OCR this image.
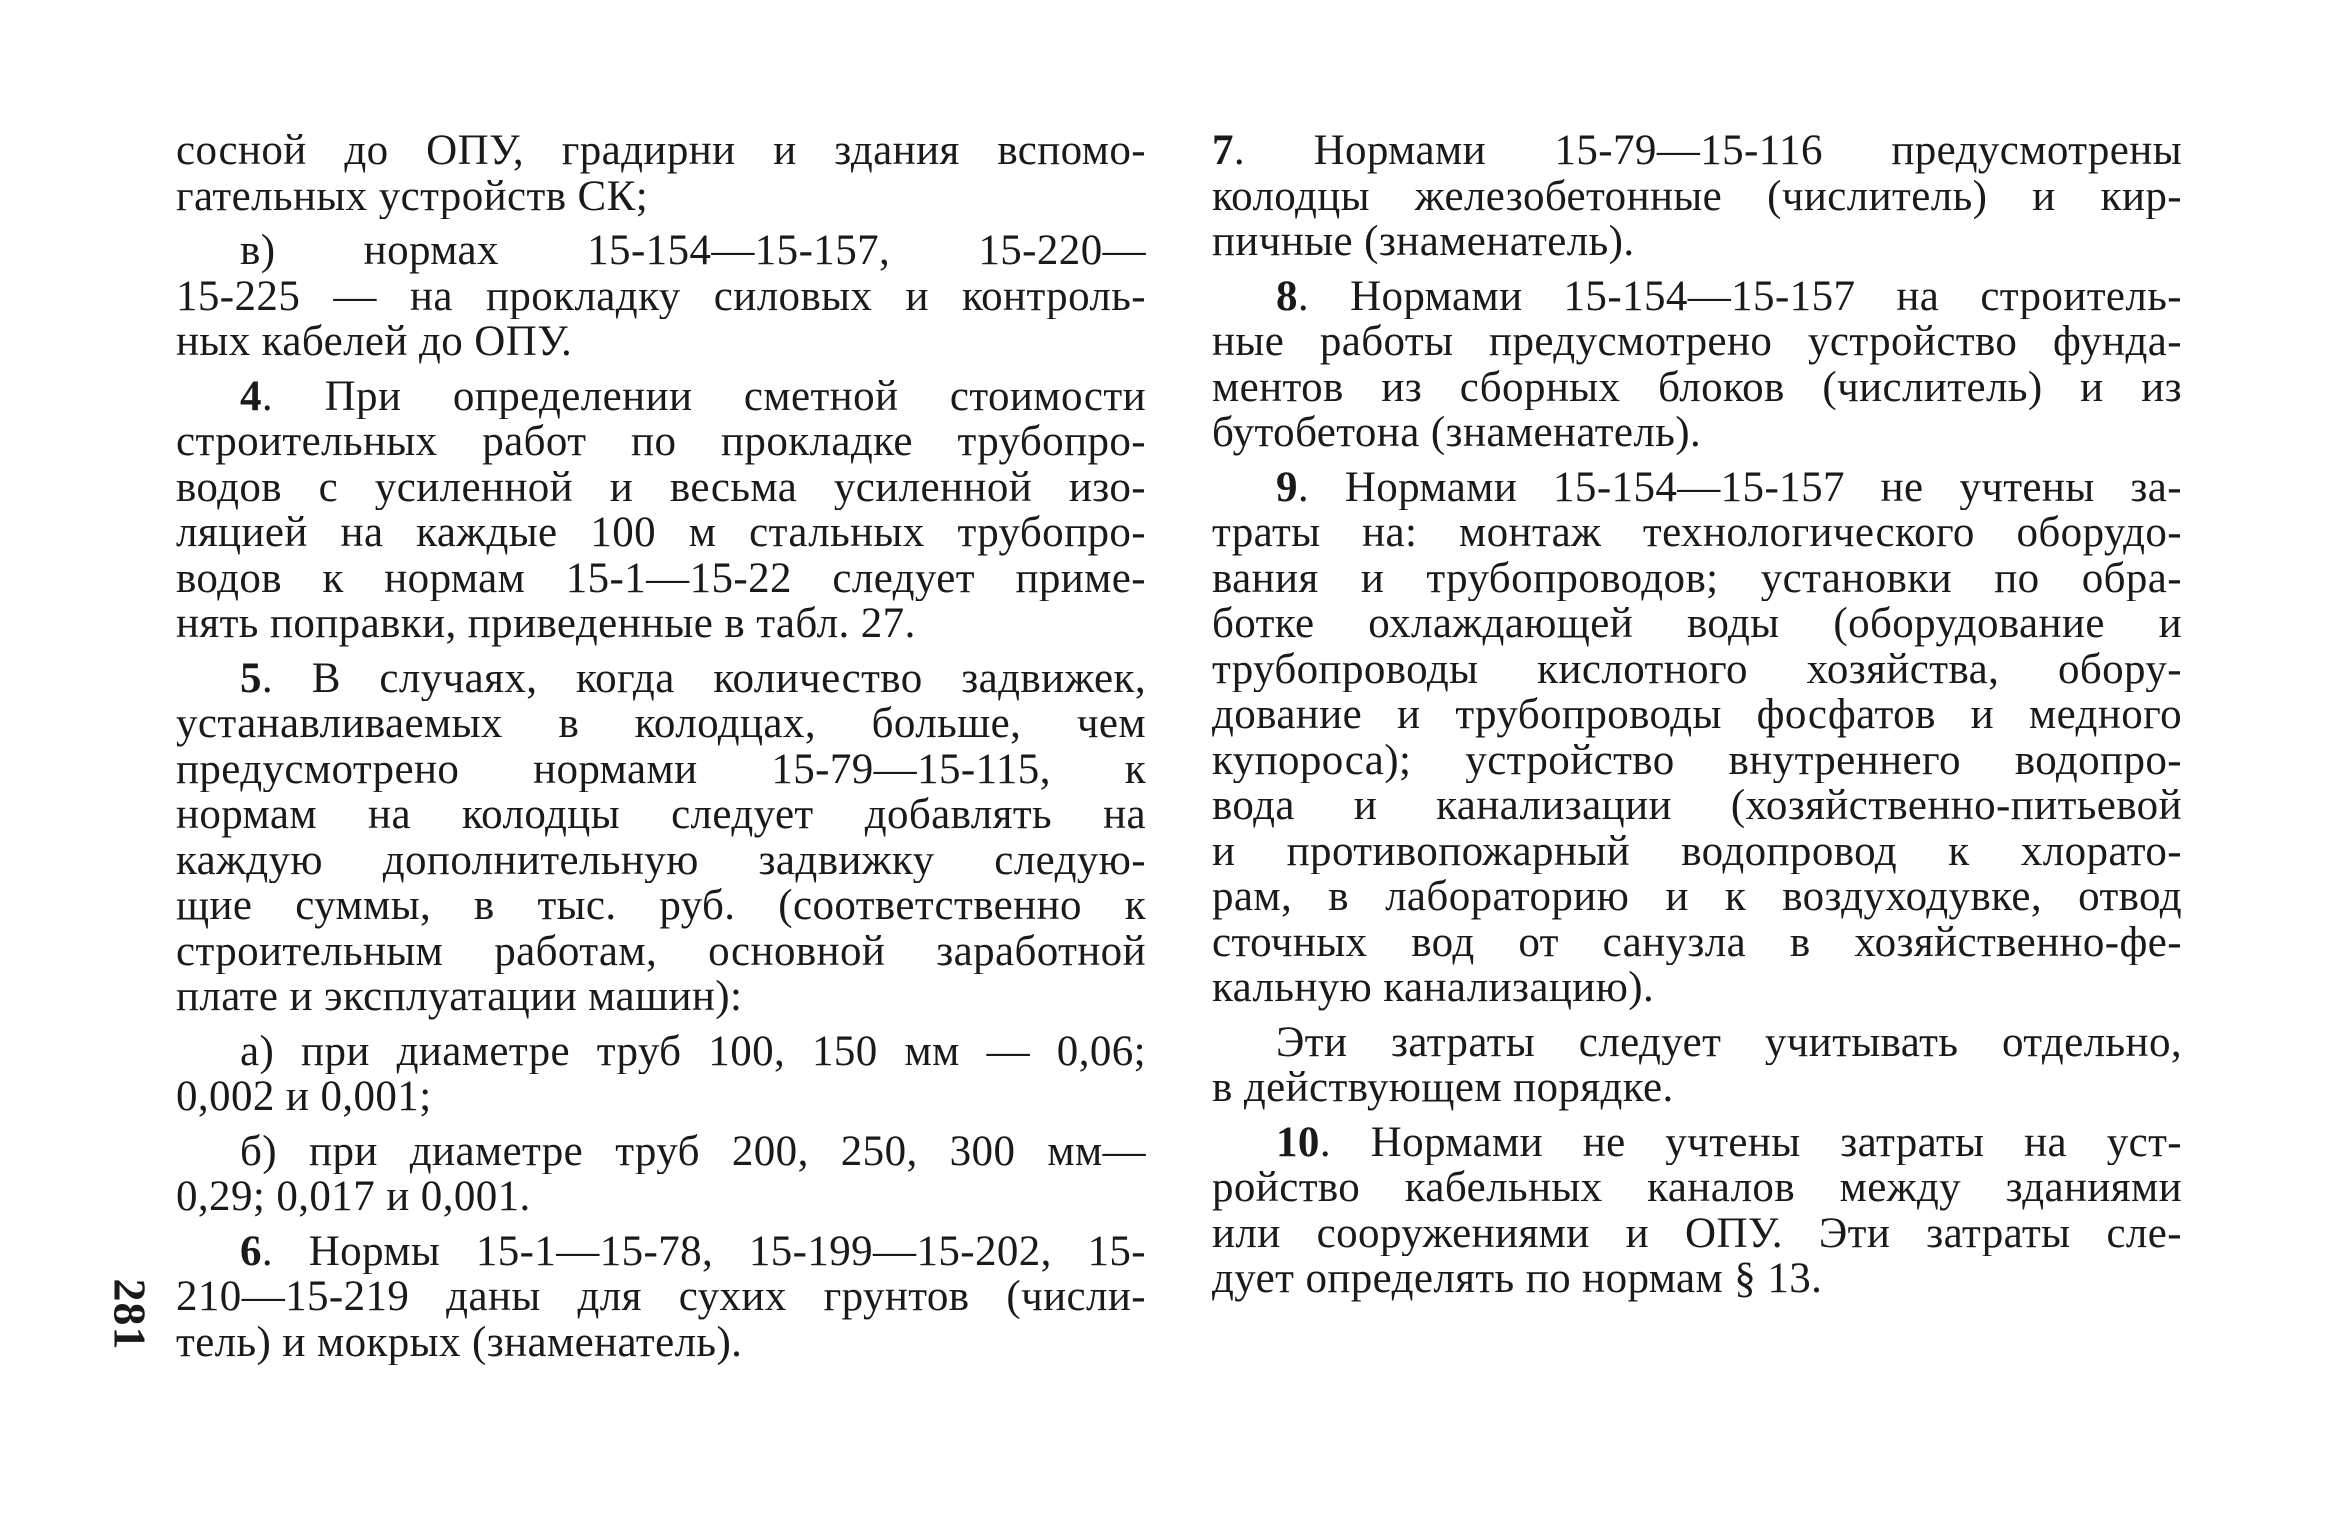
сосной до ОПУ, градирни и здания вспомо-
гательных устройств СК;
в) нормах 15-154—15-157, 15-220—
15-225 — на прокладку силовых и контроль-
ных кабелей до ОПУ.
4. При определении сметной стоимости
строительных работ по прокладке трубопро-
водов с усиленной и весьма усиленной изо-
ляцией на каждые 100 м стальных трубопро-
водов к нормам 15-1—15-22 следует приме-
нять поправки, приведенные в табл. 27.
5. В случаях, когда количество задвижек,
устанавливаемых в колодцах, больше, чем
предусмотрено нормами 15-79—15-115, к
нормам на колодцы следует добавлять на
каждую дополнительную задвижку следую-
щие суммы, в тыс. руб. (соответственно к
строительным работам, основной заработной
плате и эксплуатации машин):
а) при диаметре труб 100, 150 мм — 0,06;
0,002 и 0,001;
б) при диаметре труб 200, 250, 300 мм—
0,29; 0,017 и 0,001.
6. Нормы 15-1—15-78, 15-199—15-202, 15-
210—15-219 даны для сухих грунтов (числи-
тель) и мокрых (знаменатель).
7. Нормами 15-79—15-116 предусмотрены
колодцы железобетонные (числитель) и кир-
пичные (знаменатель).
8. Нормами 15-154—15-157 на строитель-
ные работы предусмотрено устройство фунда-
ментов из сборных блоков (числитель) и из
бутобетона (знаменатель).
9. Нормами 15-154—15-157 не учтены за-
траты на: монтаж технологического оборудо-
вания и трубопроводов; установки по обра-
ботке охлаждающей воды (оборудование и
трубопроводы кислотного хозяйства, обору-
дование и трубопроводы фосфатов и медного
купороса); устройство внутреннего водопро-
вода и канализации (хозяйственно-питьевой
и противопожарный водопровод к хлорато-
рам, в лабораторию и к воздуходувке, отвод
сточных вод от санузла в хозяйственно-фе-
кальную канализацию).
Эти затраты следует учитывать отдельно,
в действующем порядке.
10. Нормами не учтены затраты на уст-
ройство кабельных каналов между зданиями
или сооружениями и ОПУ. Эти затраты сле-
дует определять по нормам § 13.
281
